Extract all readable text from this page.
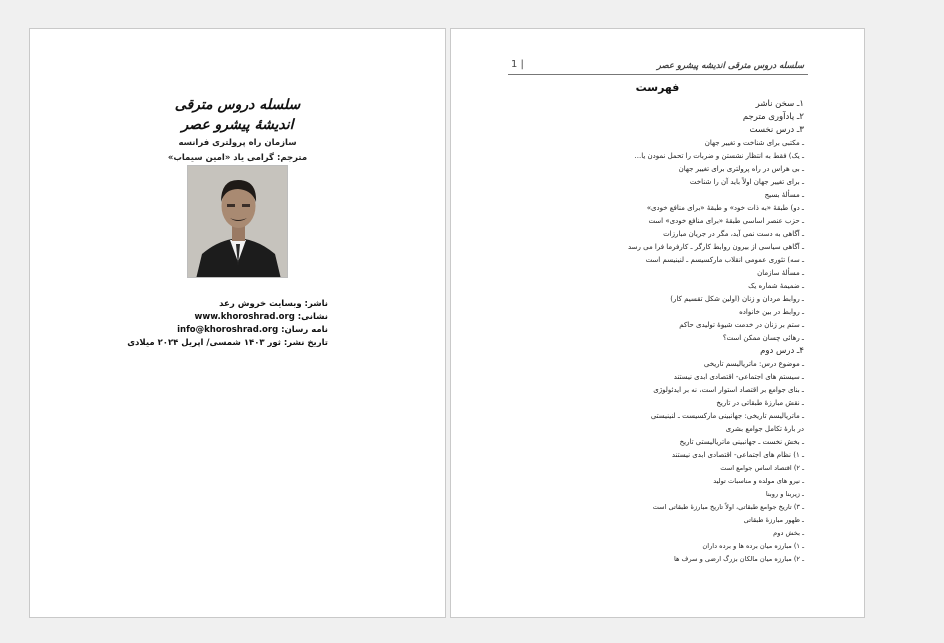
سلسله دروس مترقی
اندیشهٔ پیشرو عصر
سازمان راه پرولتری فرانسه
مترجم: گرامی یاد «امین سیماب»
ناشر: وبسایت خروش رعد
نشانی: www.khoroshrad.org
نامه رسان: info@khoroshrad.org
تاریخ نشر: ثور ۱۴۰۳ شمسی/ اپریل ۲۰۲۴ میلادی
سلسله دروس مترقی اندیشه پیشرو عصر
1 |
فهرست
۱ـ سخن ناشر
۲ـ یادآوری مترجم
۳ـ درس نخست
ـ مکتبی برای شناخت و تغییر جهان
ـ یک) فقط به انتظار نشستن و ضربات را تحمل نمودن یا...
ـ بی هراس در راه پرولتری برای تغییر جهان
ـ برای تغییر جهان اولاً باید آن را شناخت
ـ مسألهٔ بسیج
ـ دو) طبقهٔ «به ذات خود» و طبقهٔ «برای منافع خودی»
ـ حزب عنصر اساسی طبقهٔ «برای منافع خودی» است
ـ آگاهی به دست نمی آید، مگر در جریان مبارزات
ـ آگاهی سیاسی از بیرون روابط کارگر ـ کارفرما فرا می رسد
ـ سه) تئوری عمومی انقلاب مارکسیسم ـ لنینیسم است
ـ مسألهٔ سازمان
ـ ضمیمهٔ شماره یک
ـ روابط مردان و زنان (اولین شکل تقسیم کار)
ـ روابط در بین خانواده
ـ ستم بر زنان در خدمت شیوهٔ تولیدی حاکم
ـ رهائی چسان ممکن است؟
۴ـ درس دوم
ـ موضوع درس: ماتریالیسم تاریخی
ـ سیستم های اجتماعی- اقتصادی ابدی نیستند
ـ بنای جوامع بر اقتصاد استوار است، نه بر ایدئولوژی
ـ نقش مبارزهٔ طبقاتی در تاریخ
ـ ماتریالیسم تاریخی: جهانبینی مارکسیست ـ لنینیستی
در بارهٔ تکامل جوامع بشری
ـ بخش نخست ـ جهانبینی ماتریالیستی تاریخ
ـ ۱) نظام های اجتماعی- اقتصادی ابدی نیستند
ـ ۲) اقتصاد اساس جوامع است
ـ نیرو های مولده و مناسبات تولید
ـ زیربنا و روبنا
ـ ۳) تاریخ جوامع طبقاتی، اولاً تاریخ مبارزهٔ طبقاتی است
ـ ظهور مبارزهٔ طبقاتی
ـ بخش دوم
ـ ۱) مبارزه میان برده ها و برده داران
ـ ۲) مبارزه میان مالکان بزرگ ارضی و سرف ها
